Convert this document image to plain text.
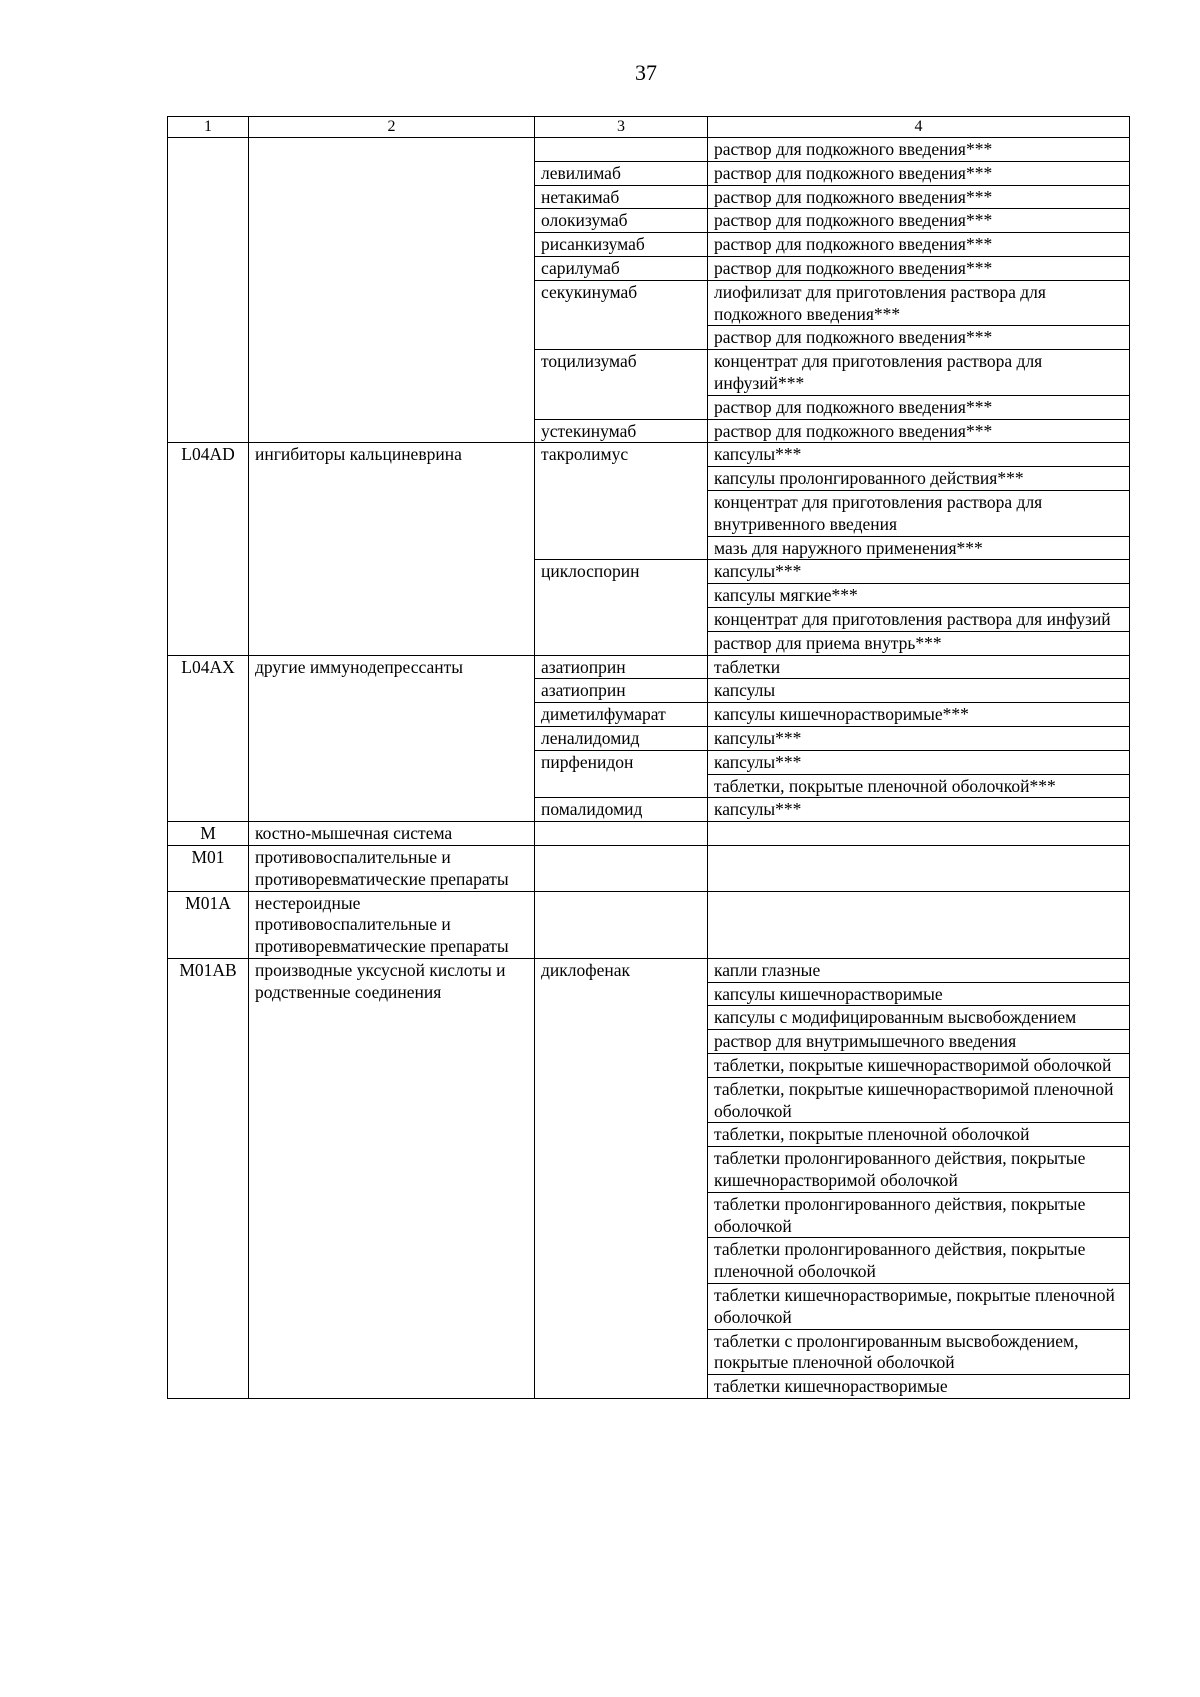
37
1	2	3	4
			раствор для подкожного введения***
		левилимаб	раствор для подкожного введения***
		нетакимаб	раствор для подкожного введения***
		олокизумаб	раствор для подкожного введения***
		рисанкизумаб	раствор для подкожного введения***
		сарилумаб	раствор для подкожного введения***
		секукинумаб	лиофилизат для приготовления раствора для подкожного введения***
			раствор для подкожного введения***
		тоцилизумаб	концентрат для приготовления раствора для инфузий***
			раствор для подкожного введения***
		устекинумаб	раствор для подкожного введения***
L04AD	ингибиторы кальциневрина	такролимус	капсулы***
			капсулы пролонгированного действия***
			концентрат для приготовления раствора для внутривенного введения
			мазь для наружного применения***
		циклоспорин	капсулы***
			капсулы мягкие***
			концентрат для приготовления раствора для инфузий
			раствор для приема внутрь***
L04AX	другие иммунодепрессанты	азатиоприн	таблетки
		азатиоприн	капсулы
		диметилфумарат	капсулы кишечнорастворимые***
		леналидомид	капсулы***
		пирфенидон	капсулы***
			таблетки, покрытые пленочной оболочкой***
		помалидомид	капсулы***
M	костно-мышечная система		
M01	противовоспалительные и противоревматические препараты		
M01A	нестероидные противовоспалительные и противоревматические препараты		
M01AB	производные уксусной кислоты и родственные соединения	диклофенак	капли глазные
			капсулы кишечнорастворимые
			капсулы с модифицированным высвобождением
			раствор для внутримышечного введения
			таблетки, покрытые кишечнорастворимой оболочкой
			таблетки, покрытые кишечнорастворимой пленочной оболочкой
			таблетки, покрытые пленочной оболочкой
			таблетки пролонгированного действия, покрытые кишечнорастворимой оболочкой
			таблетки пролонгированного действия, покрытые оболочкой
			таблетки пролонгированного действия, покрытые пленочной оболочкой
			таблетки кишечнорастворимые, покрытые пленочной оболочкой
			таблетки с пролонгированным высвобождением, покрытые пленочной оболочкой
			таблетки кишечнорастворимые
